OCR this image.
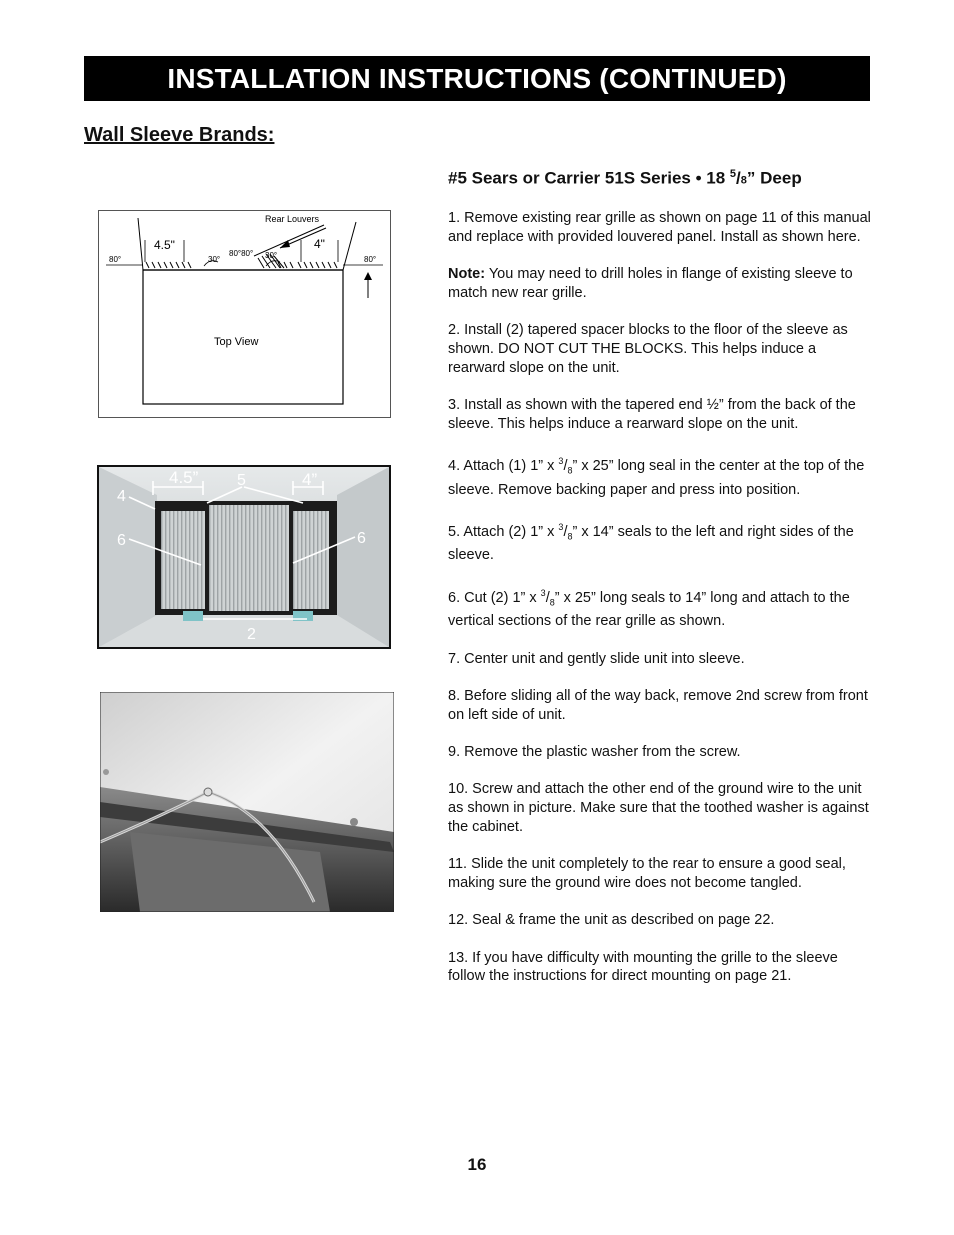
INSTALLATION INSTRUCTIONS (CONTINUED)
Wall Sleeve Brands:
#5 Sears or Carrier 51S Series • 18 $^5$/8” Deep
Rear Louvers
4.5"	4"
80°	80°
30°
80°80° 30°
Top View
4.5”	4”
5
4
6	6
2

1. Remove existing rear grille as shown on page 11 of this manual and replace with provided louvered panel. Install as shown here.

Note: You may need to drill holes in flange of existing sleeve to match new rear grille.

2. Install (2) tapered spacer blocks to the floor of the sleeve as shown. DO NOT CUT THE BLOCKS. This helps induce a rearward slope on the unit.

3. Install as shown with the tapered end ½” from the back of the sleeve. This helps induce a rearward slope on the unit.

4. Attach (1) 1” x $^3/_8$” x 25” long seal in the center at the top of the sleeve. Remove backing paper and press into position.

5. Attach (2) 1” x $^3/_8$” x 14” seals to the left and right sides of the sleeve.

6. Cut (2) 1” x $^3/_8$” x 25” long seals to 14” long and attach to the vertical sections of the rear grille as shown.

7. Center unit and gently slide unit into sleeve.

8. Before sliding all of the way back, remove 2nd screw from front on left side of unit.

9. Remove the plastic washer from the screw.

10. Screw and attach the other end of the ground wire to the unit as shown in picture. Make sure that the toothed washer is against the cabinet.

11. Slide the unit completely to the rear to ensure a good seal, making sure the ground wire does not become tangled.

12. Seal & frame the unit as described on page 22.

13. If you have difficulty with mounting the grille to the sleeve follow the instructions for direct mounting on page 21.

16
